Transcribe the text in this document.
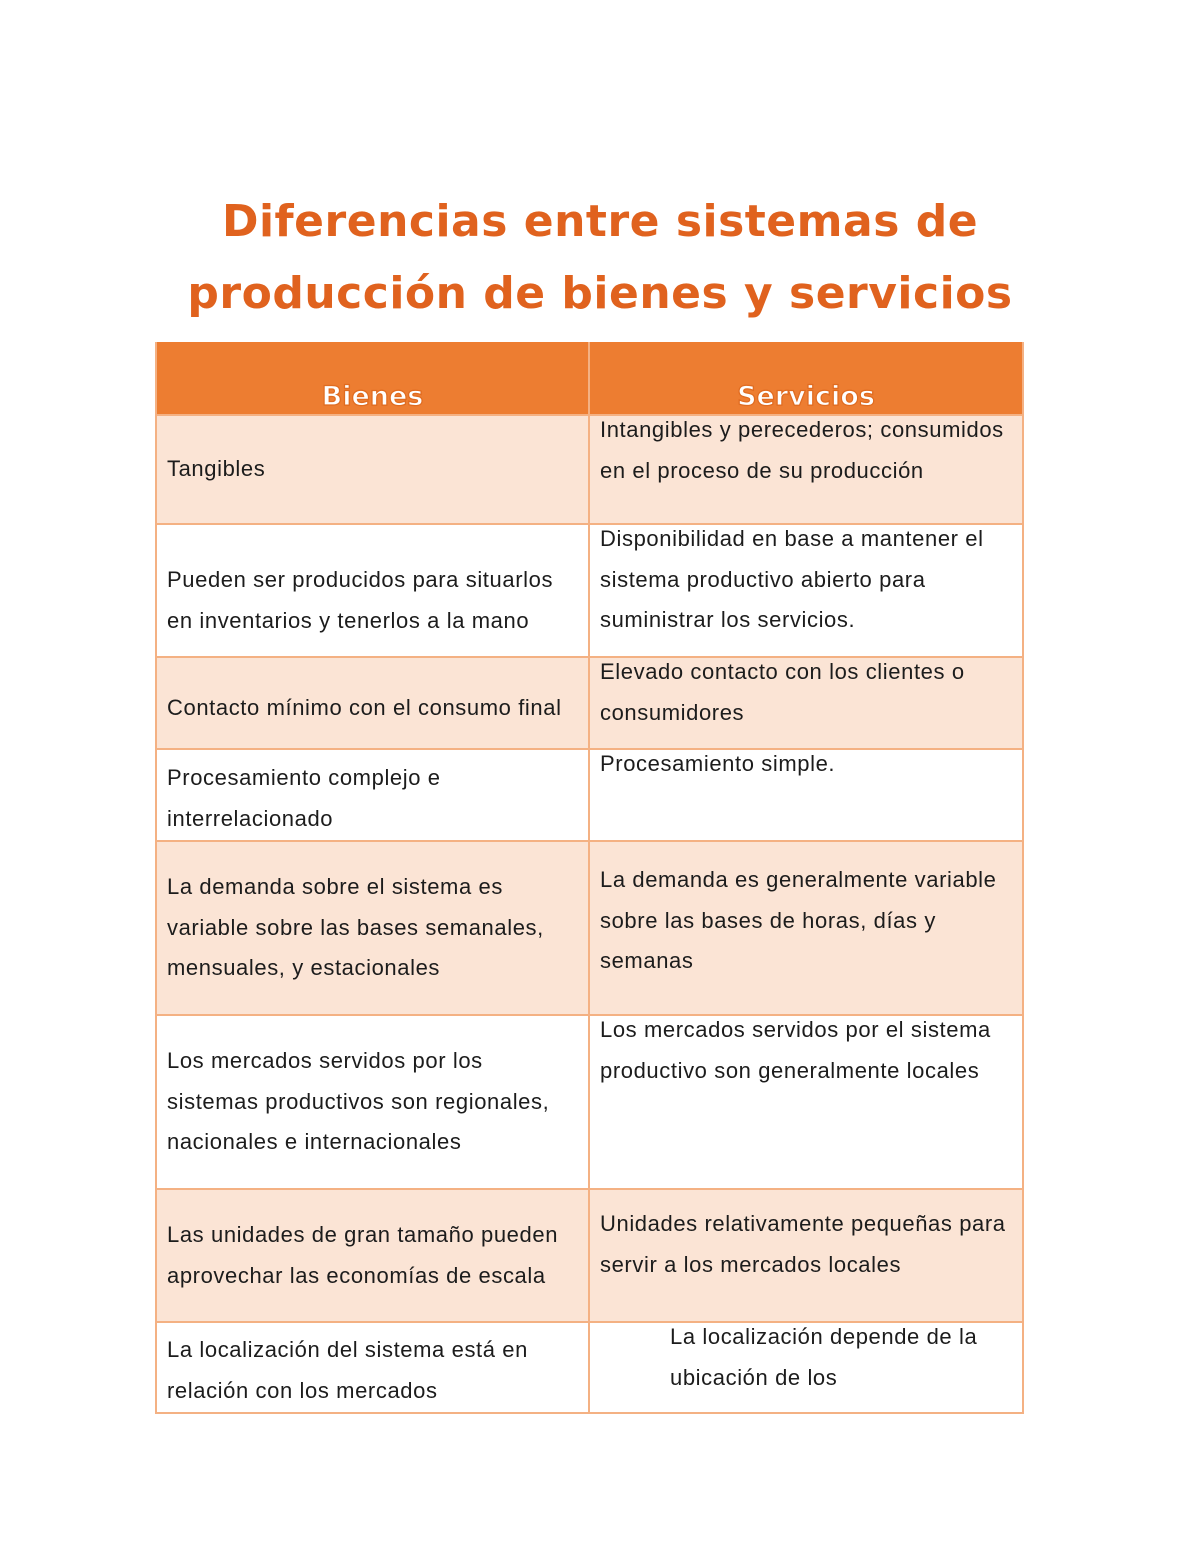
Diferencias entre sistemas de
producción de bienes y servicios
Bienes	Servicios

Tangibles	Intangibles y perecederos; consumidos en el proceso de su producción

Pueden ser producidos para situarlos en inventarios y tenerlos a la mano	Disponibilidad en base a mantener el sistema productivo abierto para suministrar los servicios.

Contacto mínimo con el consumo final	Elevado contacto con los clientes o consumidores

Procesamiento complejo e interrelacionado	Procesamiento simple.

La demanda sobre el sistema es variable sobre las bases semanales, mensuales, y estacionales	La demanda es generalmente variable sobre las bases de horas, días y semanas

Los mercados servidos por los sistemas productivos son regionales, nacionales e internacionales	Los mercados servidos por el sistema productivo son generalmente locales

Las unidades de gran tamaño pueden aprovechar las economías de escala	Unidades relativamente pequeñas para servir a los mercados locales

La localización del sistema está en relación con los mercados	La localización depende de la ubicación de los
